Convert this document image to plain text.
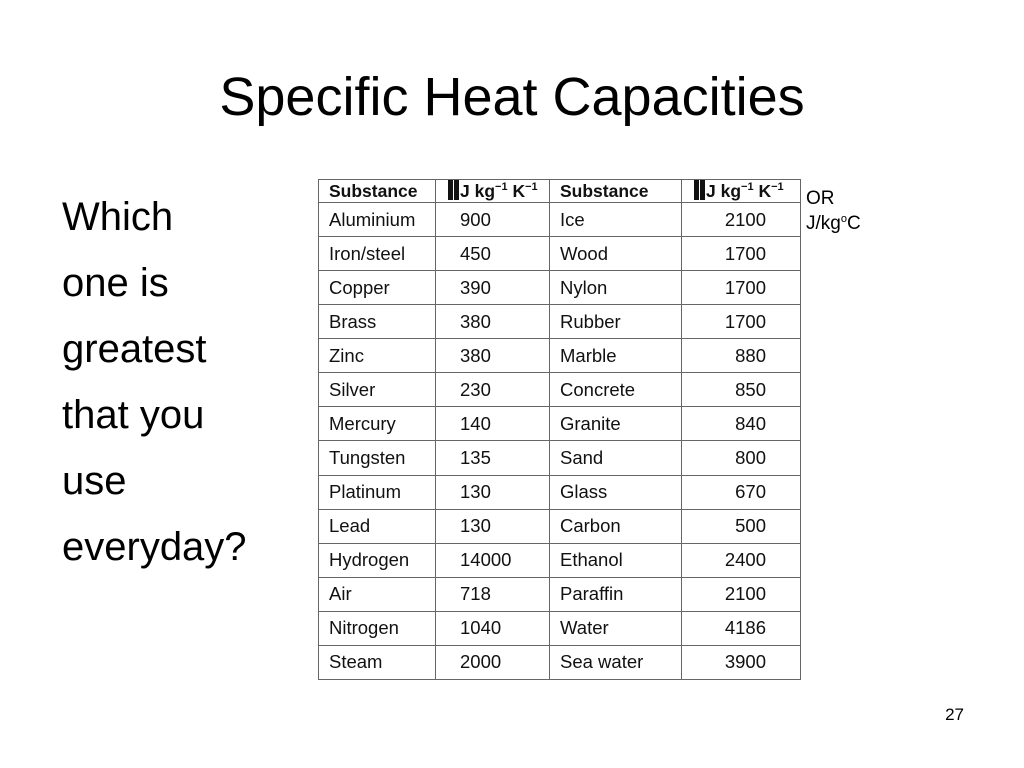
Specific Heat Capacities
Which
one is
greatest
that you
use
everyday?
Substance	J $kg^{-1}$ $K^{-1}$	Substance	J $kg^{-1}$ $K^{-1}$
Aluminium	900	Ice	2100
Iron/steel	450	Wood	1700
Copper	390	Nylon	1700
Brass	380	Rubber	1700
Zinc	380	Marble	880
Silver	230	Concrete	850
Mercury	140	Granite	840
Tungsten	135	Sand	800
Platinum	130	Glass	670
Lead	130	Carbon	500
Hydrogen	14000	Ethanol	2400
Air	718	Paraffin	2100
Nitrogen	1040	Water	4186
Steam	2000	Sea water	3900
OR
$J/kg^oC$
27
